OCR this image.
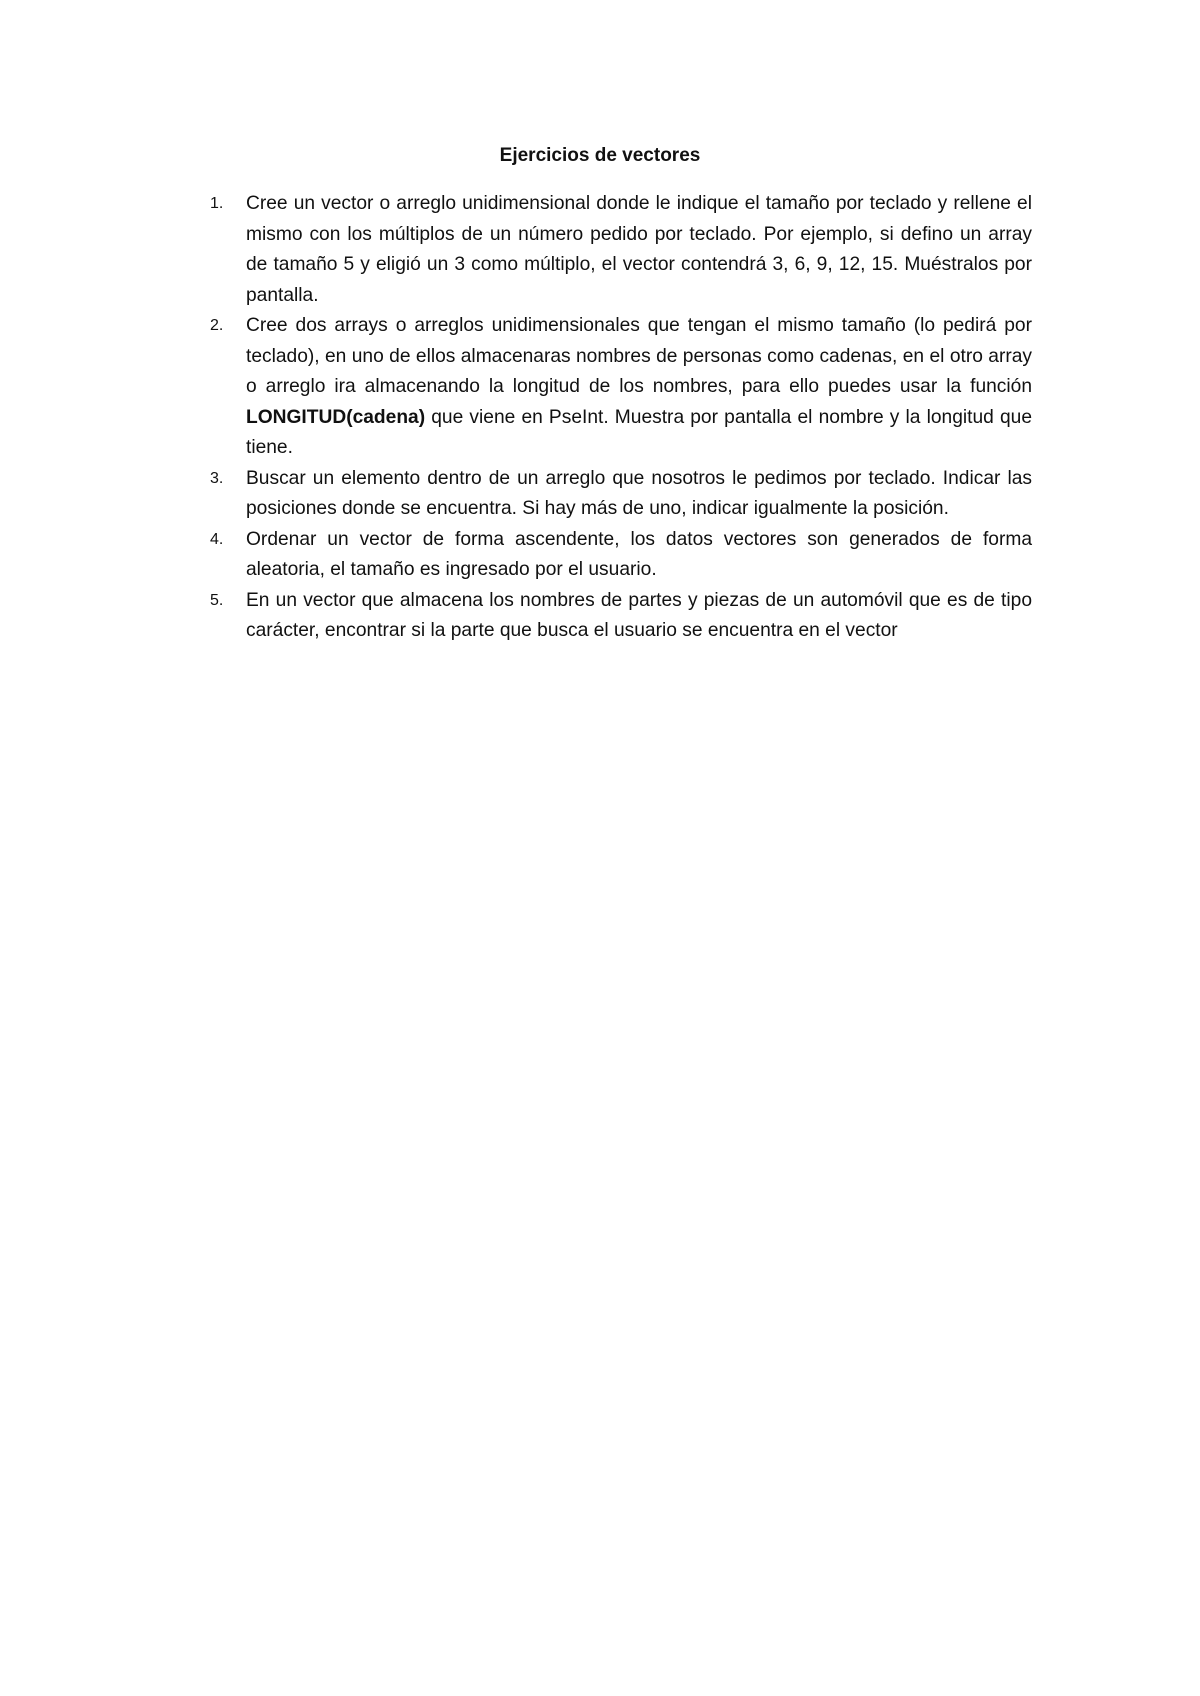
Ejercicios de vectores
1. Cree un vector o arreglo unidimensional donde le indique el tamaño por teclado y rellene el mismo con los múltiplos de un número pedido por teclado. Por ejemplo, si defino un array de tamaño 5 y eligió un 3 como múltiplo, el vector contendrá 3, 6, 9, 12, 15. Muéstralos por pantalla.
2. Cree dos arrays o arreglos unidimensionales que tengan el mismo tamaño (lo pedirá por teclado), en uno de ellos almacenaras nombres de personas como cadenas, en el otro array o arreglo ira almacenando la longitud de los nombres, para ello puedes usar la función LONGITUD(cadena) que viene en PseInt. Muestra por pantalla el nombre y la longitud que tiene.
3. Buscar un elemento dentro de un arreglo que nosotros le pedimos por teclado. Indicar las posiciones donde se encuentra. Si hay más de uno, indicar igualmente la posición.
4. Ordenar un vector de forma ascendente, los datos vectores son generados de forma aleatoria, el tamaño es ingresado por el usuario.
5. En un vector que almacena los nombres de partes y piezas de un automóvil que es de tipo carácter, encontrar si la parte que busca el usuario se encuentra en el vector
